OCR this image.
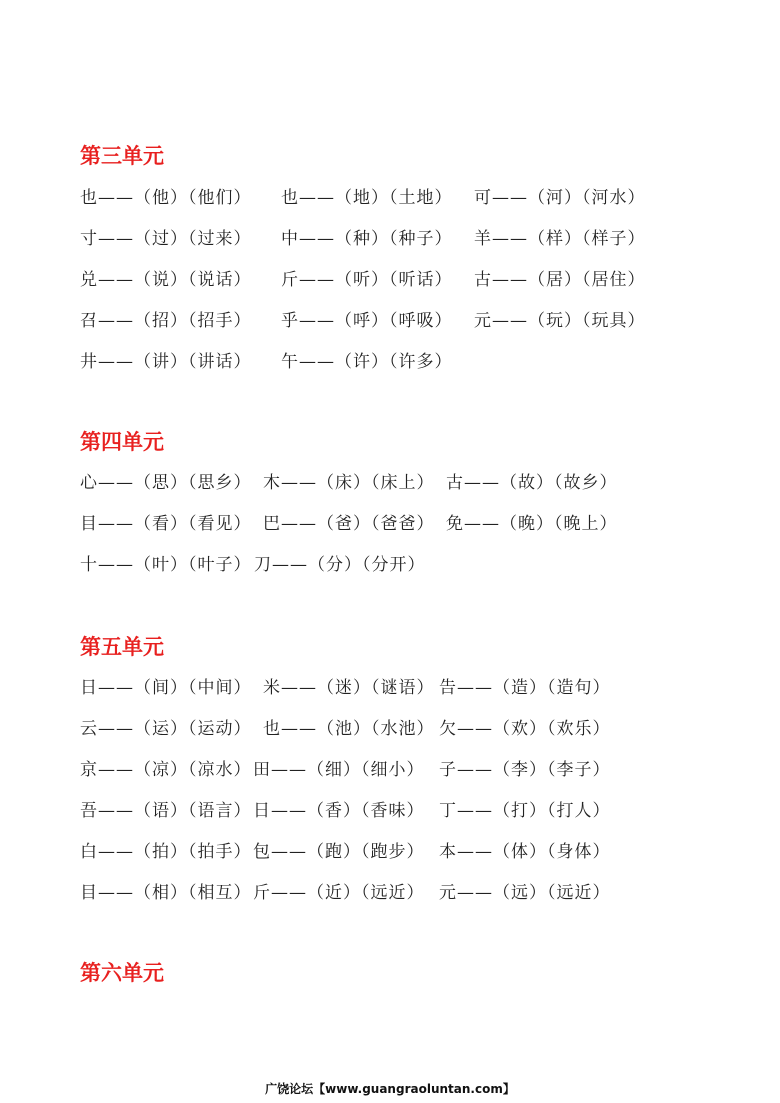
第三单元
也——（他）（他们） 也——（地）（土地） 可——（河）（河水）
寸——（过）（过来） 中——（种）（种子） 羊——（样）（样子）
兑——（说）（说话） 斤——（听）（听话） 古——（居）（居住）
召——（招）（招手） 乎——（呼）（呼吸） 元——（玩）（玩具）
井——（讲）（讲话） 午——（许）（许多）
第四单元
心——（思）（思乡） 木——（床）（床上） 古——（故）（故乡）
目——（看）（看见） 巴——（爸）（爸爸） 免——（晚）（晚上）
十——（叶）（叶子） 刀——（分）（分开）
第五单元
日——（间）（中间） 米——（迷）（谜语） 告——（造）（造句）
云——（运）（运动） 也——（池）（水池） 欠——（欢）（欢乐）
京——（凉）（凉水） 田——（细）（细小） 子——（李）（李子）
吾——（语）（语言） 日——（香）（香味） 丁——（打）（打人）
白——（拍）（拍手） 包——（跑）（跑步） 本——（体）（身体）
目——（相）（相互） 斤——（近）（远近） 元——（远）（远近）
第六单元
广饶论坛【www.guangraoluntan.com】
